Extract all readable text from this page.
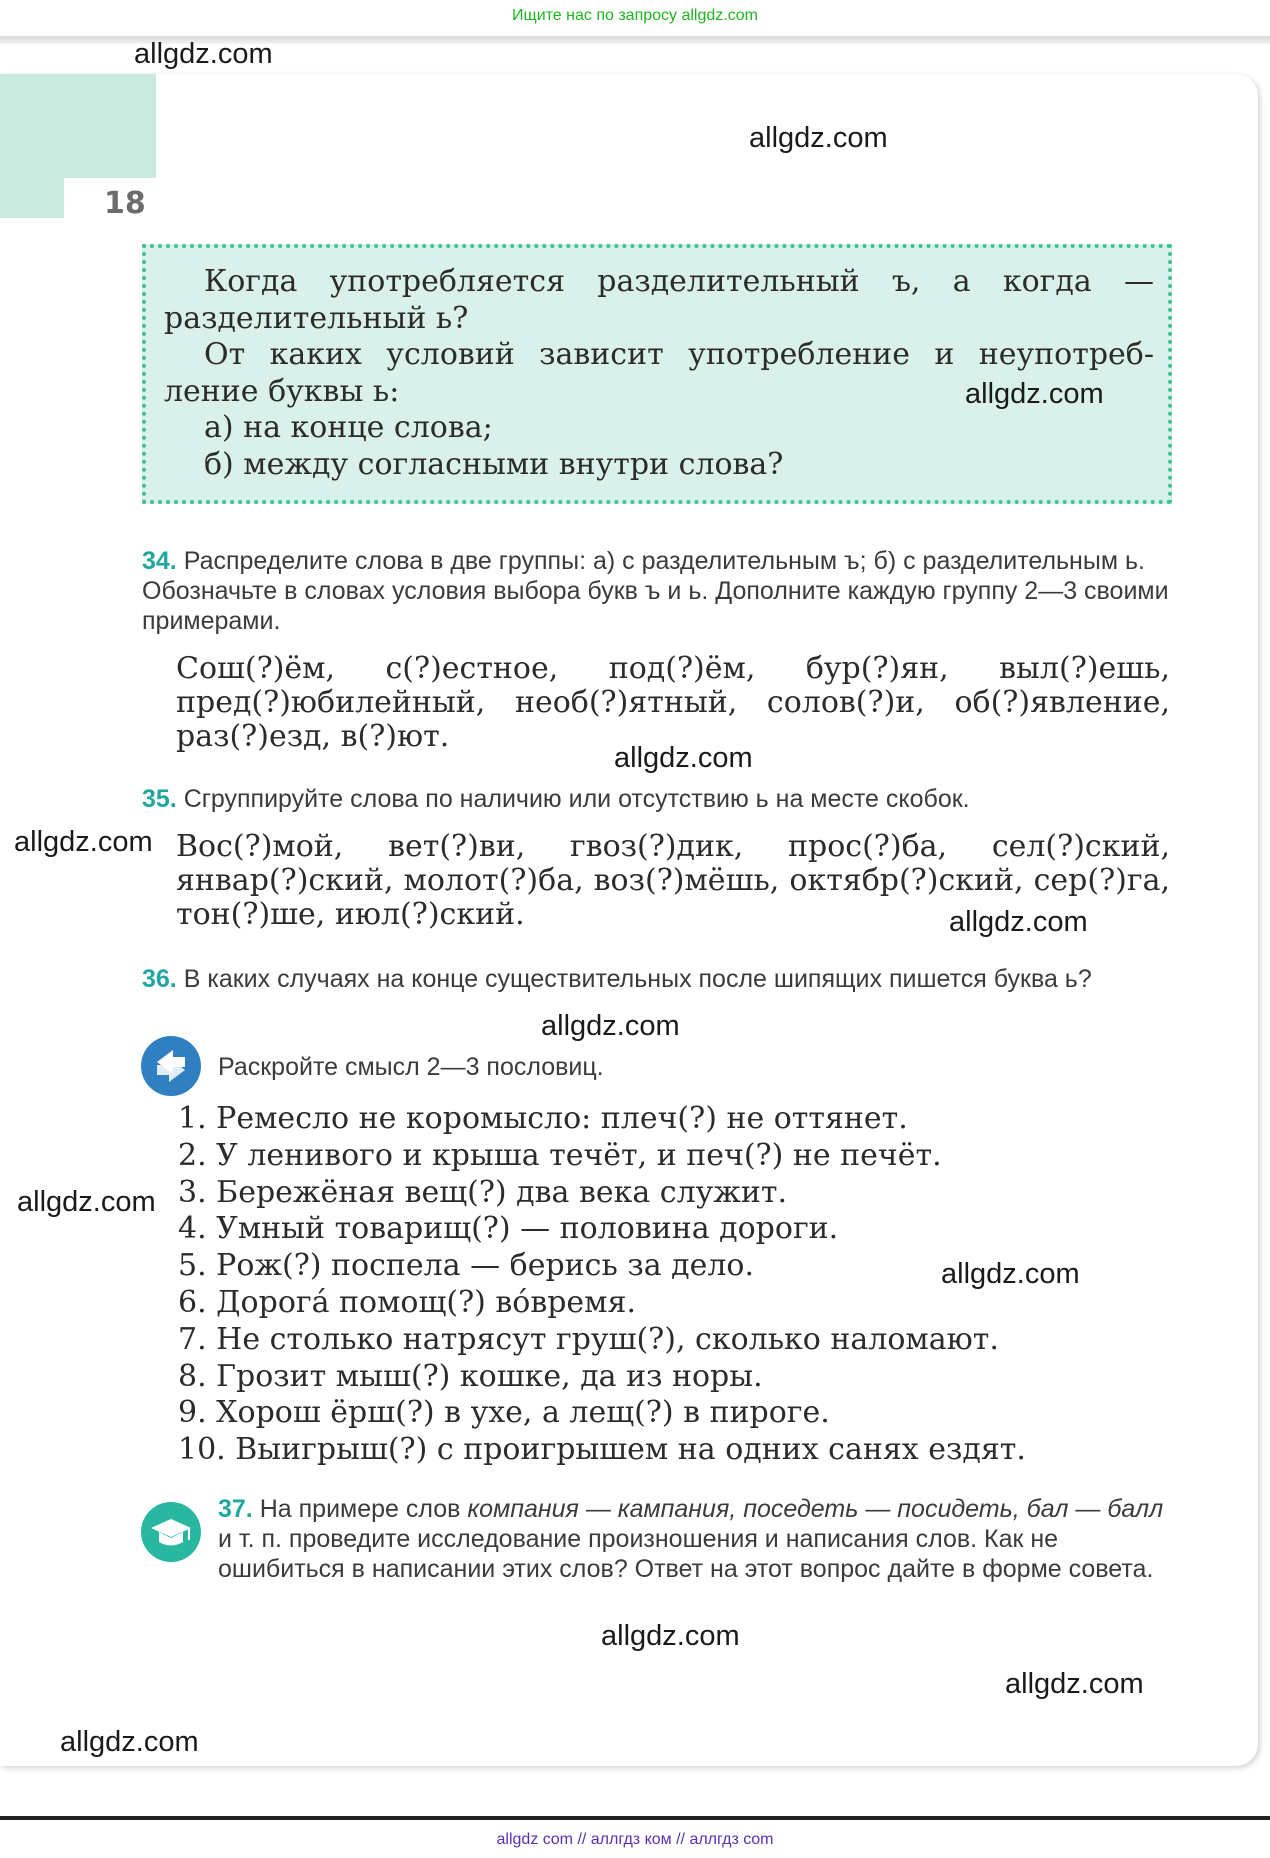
Ищите нас по запросу allgdz.com
18
Когда употребляется разделительный ъ, а когда —
разделительный ь?
От каких условий зависит употребление и неупотреб-
ление буквы ь:
а) на конце слова;
б) между согласными внутри слова?
34. Распределите слова в две группы: а) с разделительным ъ; б) с разделительным ь. Обозначьте в словах условия выбора букв ъ и ь. Дополните каждую группу 2—3 своими примерами.
Сош(?)ём, с(?)естное, под(?)ём, бур(?)ян, выл(?)ешь, пред(?)юбилейный, необ(?)ятный, солов(?)и, об(?)явление, раз(?)езд, в(?)ют.
35. Сгруппируйте слова по наличию или отсутствию ь на месте скобок.
Вос(?)мой, вет(?)ви, гвоз(?)дик, прос(?)ба, сел(?)ский, январ(?)ский, молот(?)ба, воз(?)мёшь, октябр(?)ский, сер(?)га, тон(?)ше, июл(?)ский.
36. В каких случаях на конце существительных после шипящих пишется буква ь?
Раскройте смысл 2—3 пословиц.
1. Ремесло не коромысло: плеч(?) не оттянет.
2. У ленивого и крыша течёт, и печ(?) не печёт.
3. Бережёная вещ(?) два века служит.
4. Умный товарищ(?) — половина дороги.
5. Рож(?) поспела — берись за дело.
6. Дорогá помощ(?) вóвремя.
7. Не столько натрясут груш(?), сколько наломают.
8. Грозит мыш(?) кошке, да из норы.
9. Хорош ёрш(?) в ухе, а лещ(?) в пироге.
10. Выигрыш(?) с проигрышем на одних санях ездят.
37. На примере слов компания — кампания, поседеть — посидеть, бал — балл и т. п. проведите исследование произношения и написания слов. Как не ошибиться в написании этих слов? Ответ на этот вопрос дайте в форме совета.
allgdz.com
allgdz.com
allgdz.com
allgdz.com
allgdz.com
allgdz.com
allgdz.com
allgdz.com
allgdz.com
allgdz.com
allgdz.com
allgdz.com
allgdz com // аллгдз ком // аллгдз com
